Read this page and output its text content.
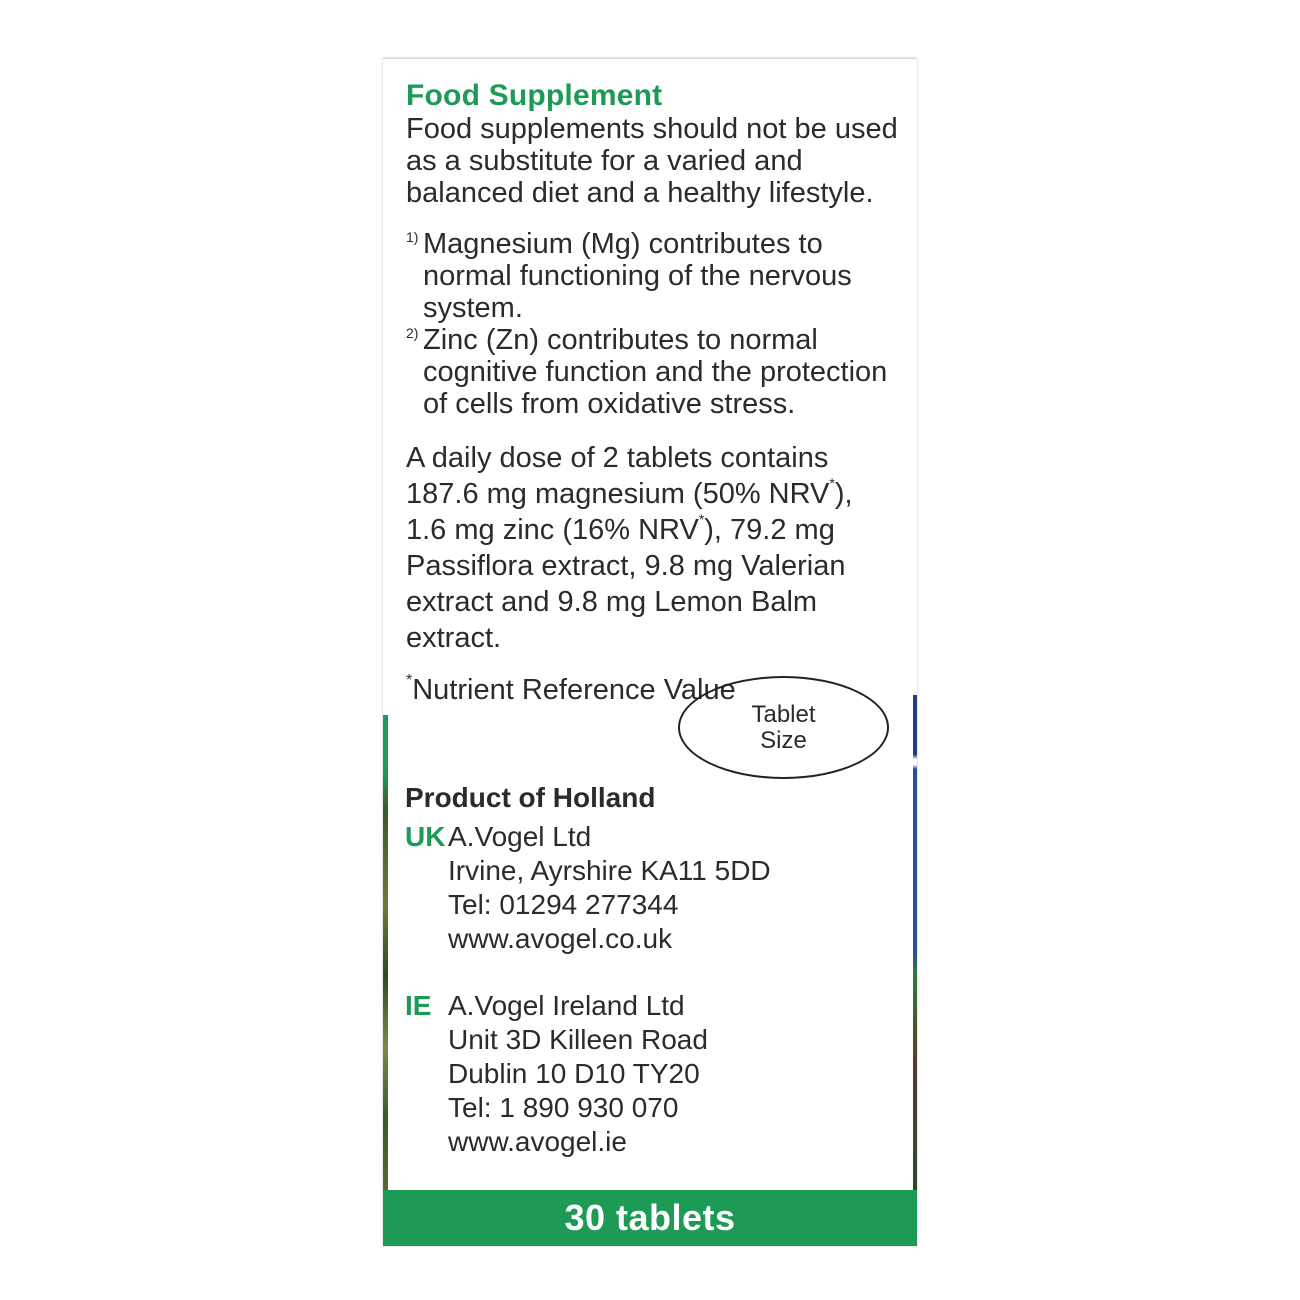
Food Supplement
Food supplements should not be used
as a substitute for a varied and
balanced diet and a healthy lifestyle.
1) Magnesium (Mg) contributes to
normal functioning of the nervous
system.
2) Zinc (Zn) contributes to normal
cognitive function and the protection
of cells from oxidative stress.
A daily dose of 2 tablets contains
187.6 mg magnesium (50% NRV*),
1.6 mg zinc (16% NRV*), 79.2 mg
Passiflora extract, 9.8 mg Valerian
extract and 9.8 mg Lemon Balm extract.
*Nutrient Reference Value
Tablet
Size
Product of Holland
UK A.Vogel Ltd
Irvine, Ayrshire KA11 5DD
Tel: 01294 277344
www.avogel.co.uk
IE A.Vogel Ireland Ltd
Unit 3D Killeen Road
Dublin 10 D10 TY20
Tel: 1 890 930 070
www.avogel.ie
30 tablets
